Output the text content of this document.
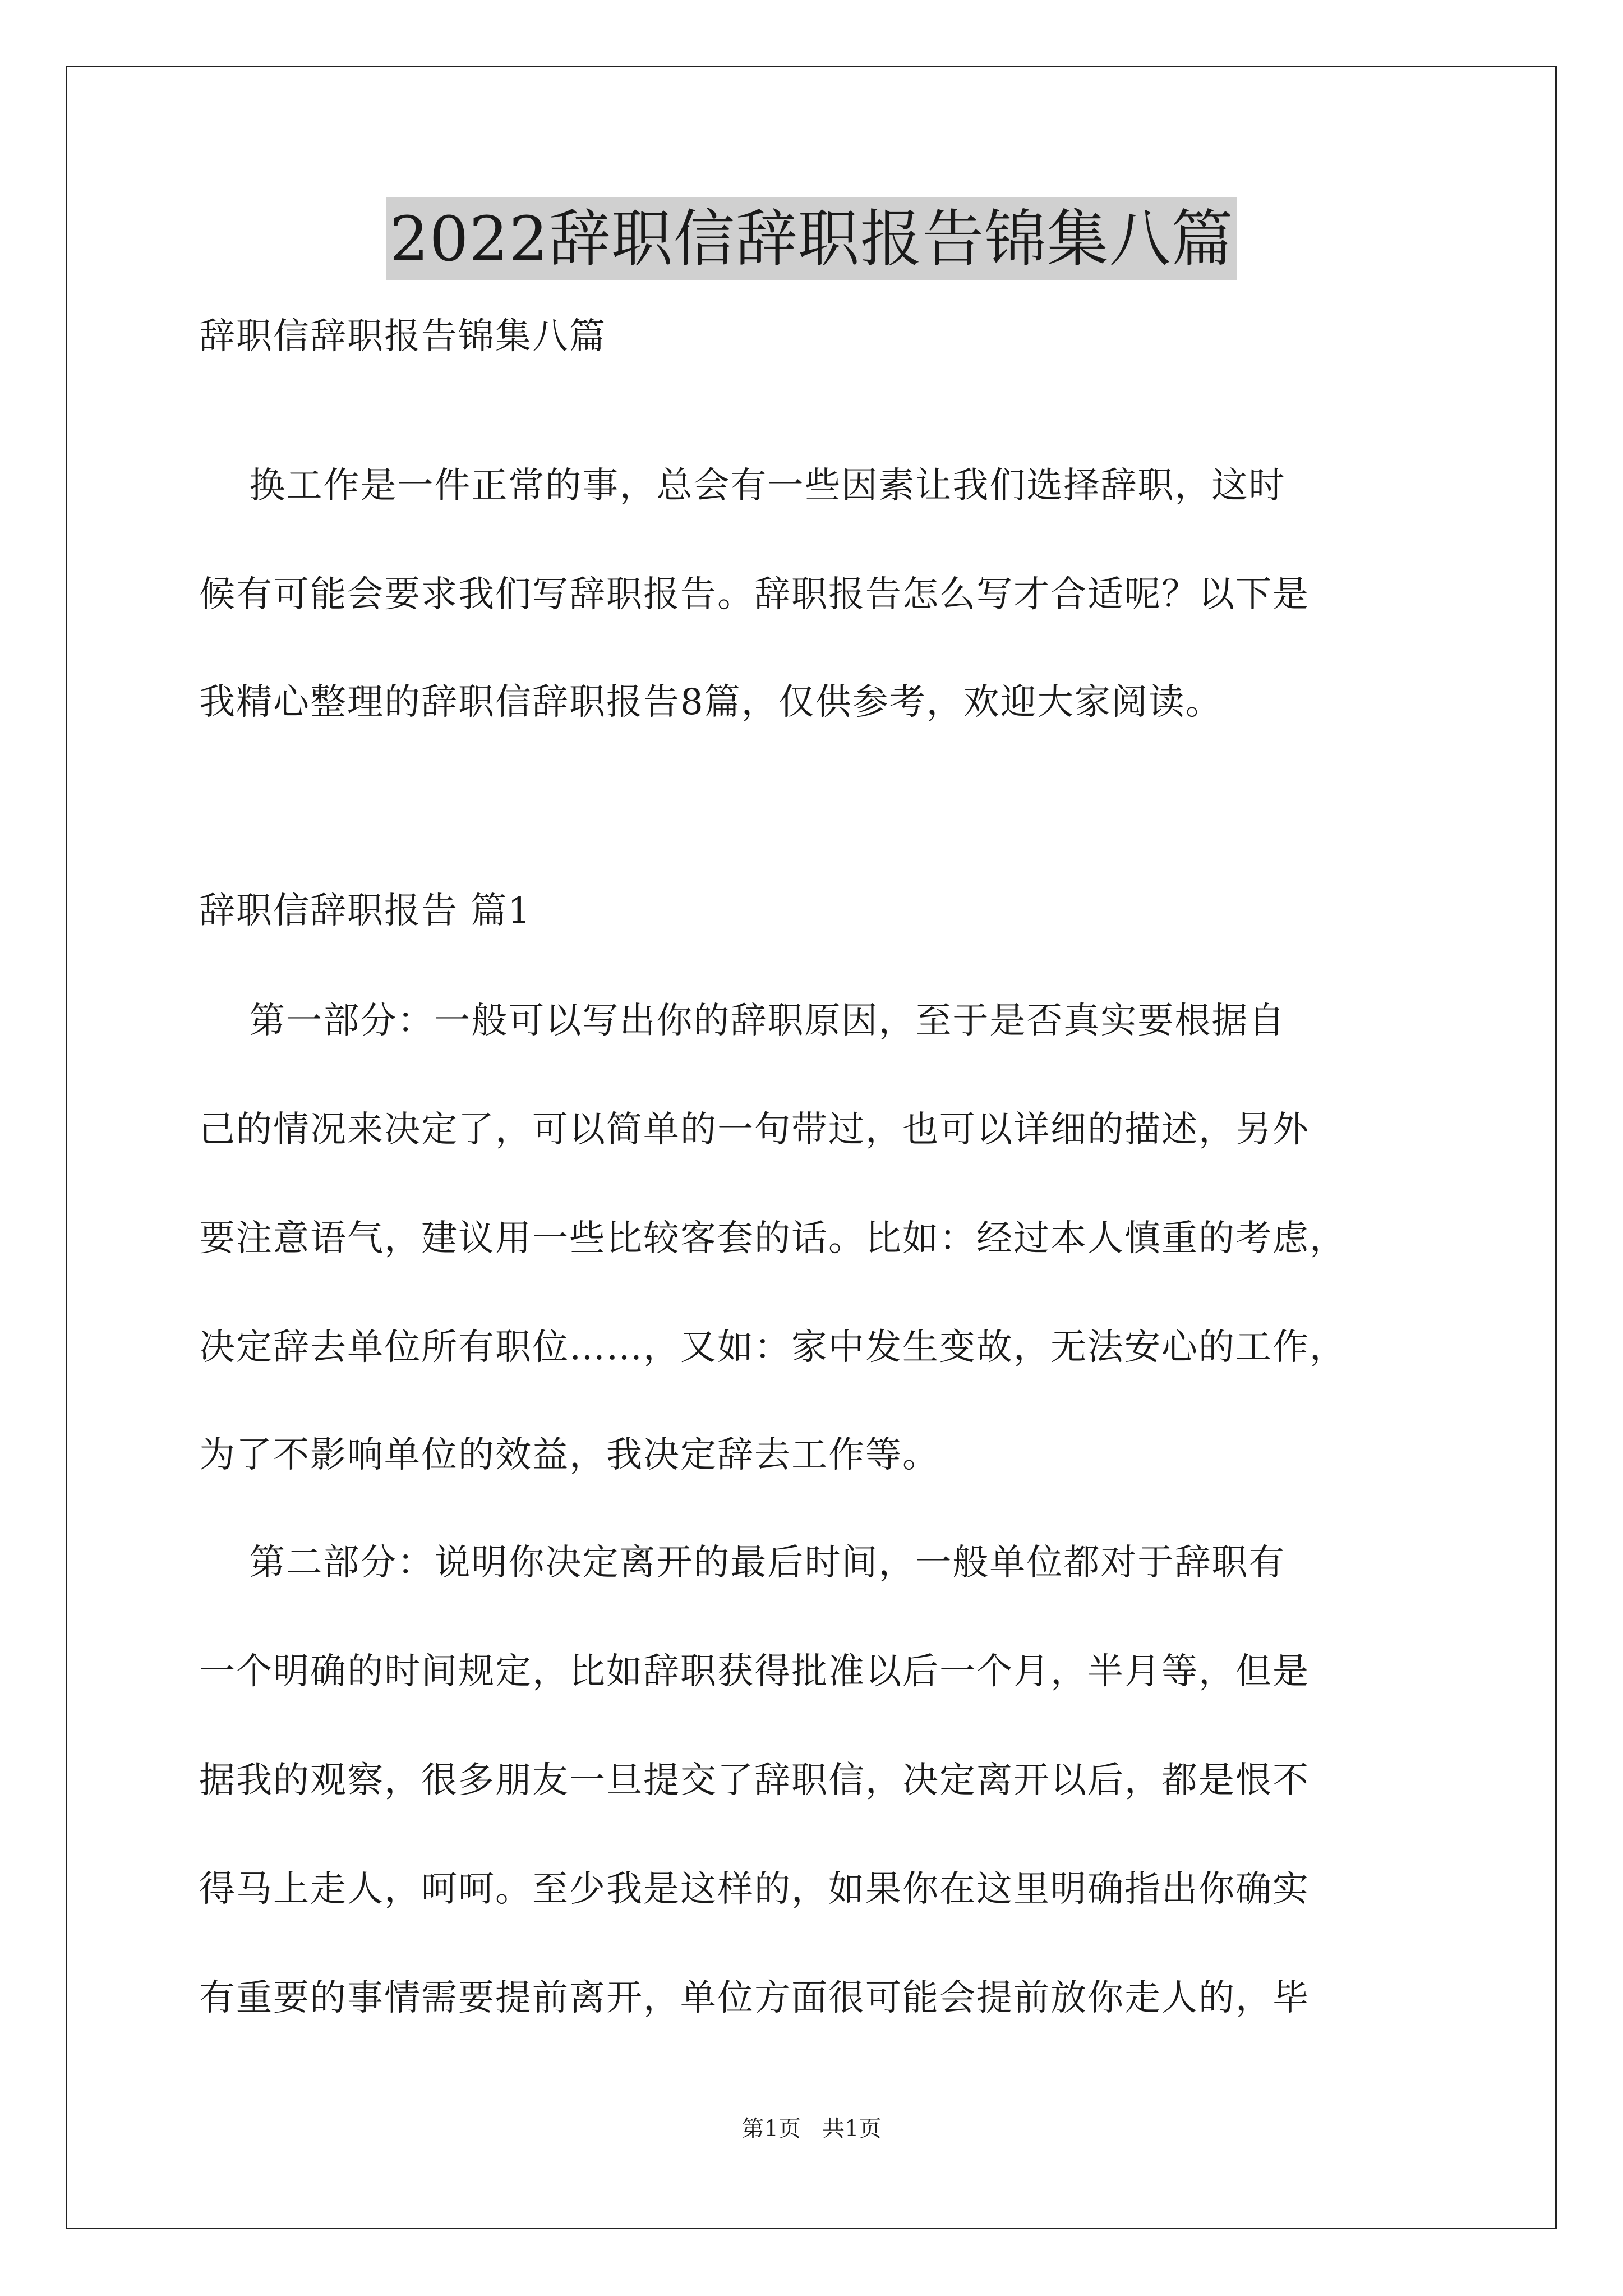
2022辞职信辞职报告锦集八篇
辞职信辞职报告锦集八篇
换工作是一件正常的事，总会有一些因素让我们选择辞职，这时
候有可能会要求我们写辞职报告。辞职报告怎么写才合适呢？以下是
我精心整理的辞职信辞职报告8篇，仅供参考，欢迎大家阅读。
辞职信辞职报告 篇1
第一部分：一般可以写出你的辞职原因，至于是否真实要根据自
己的情况来决定了，可以简单的一句带过，也可以详细的描述，另外
要注意语气，建议用一些比较客套的话。比如：经过本人慎重的考虑，
决定辞去单位所有职位……，又如：家中发生变故，无法安心的工作，
为了不影响单位的效益，我决定辞去工作等。
第二部分：说明你决定离开的最后时间，一般单位都对于辞职有
一个明确的时间规定，比如辞职获得批准以后一个月，半月等，但是
据我的观察，很多朋友一旦提交了辞职信，决定离开以后，都是恨不
得马上走人，呵呵。至少我是这样的，如果你在这里明确指出你确实
有重要的事情需要提前离开，单位方面很可能会提前放你走人的，毕
第1页   共1页
